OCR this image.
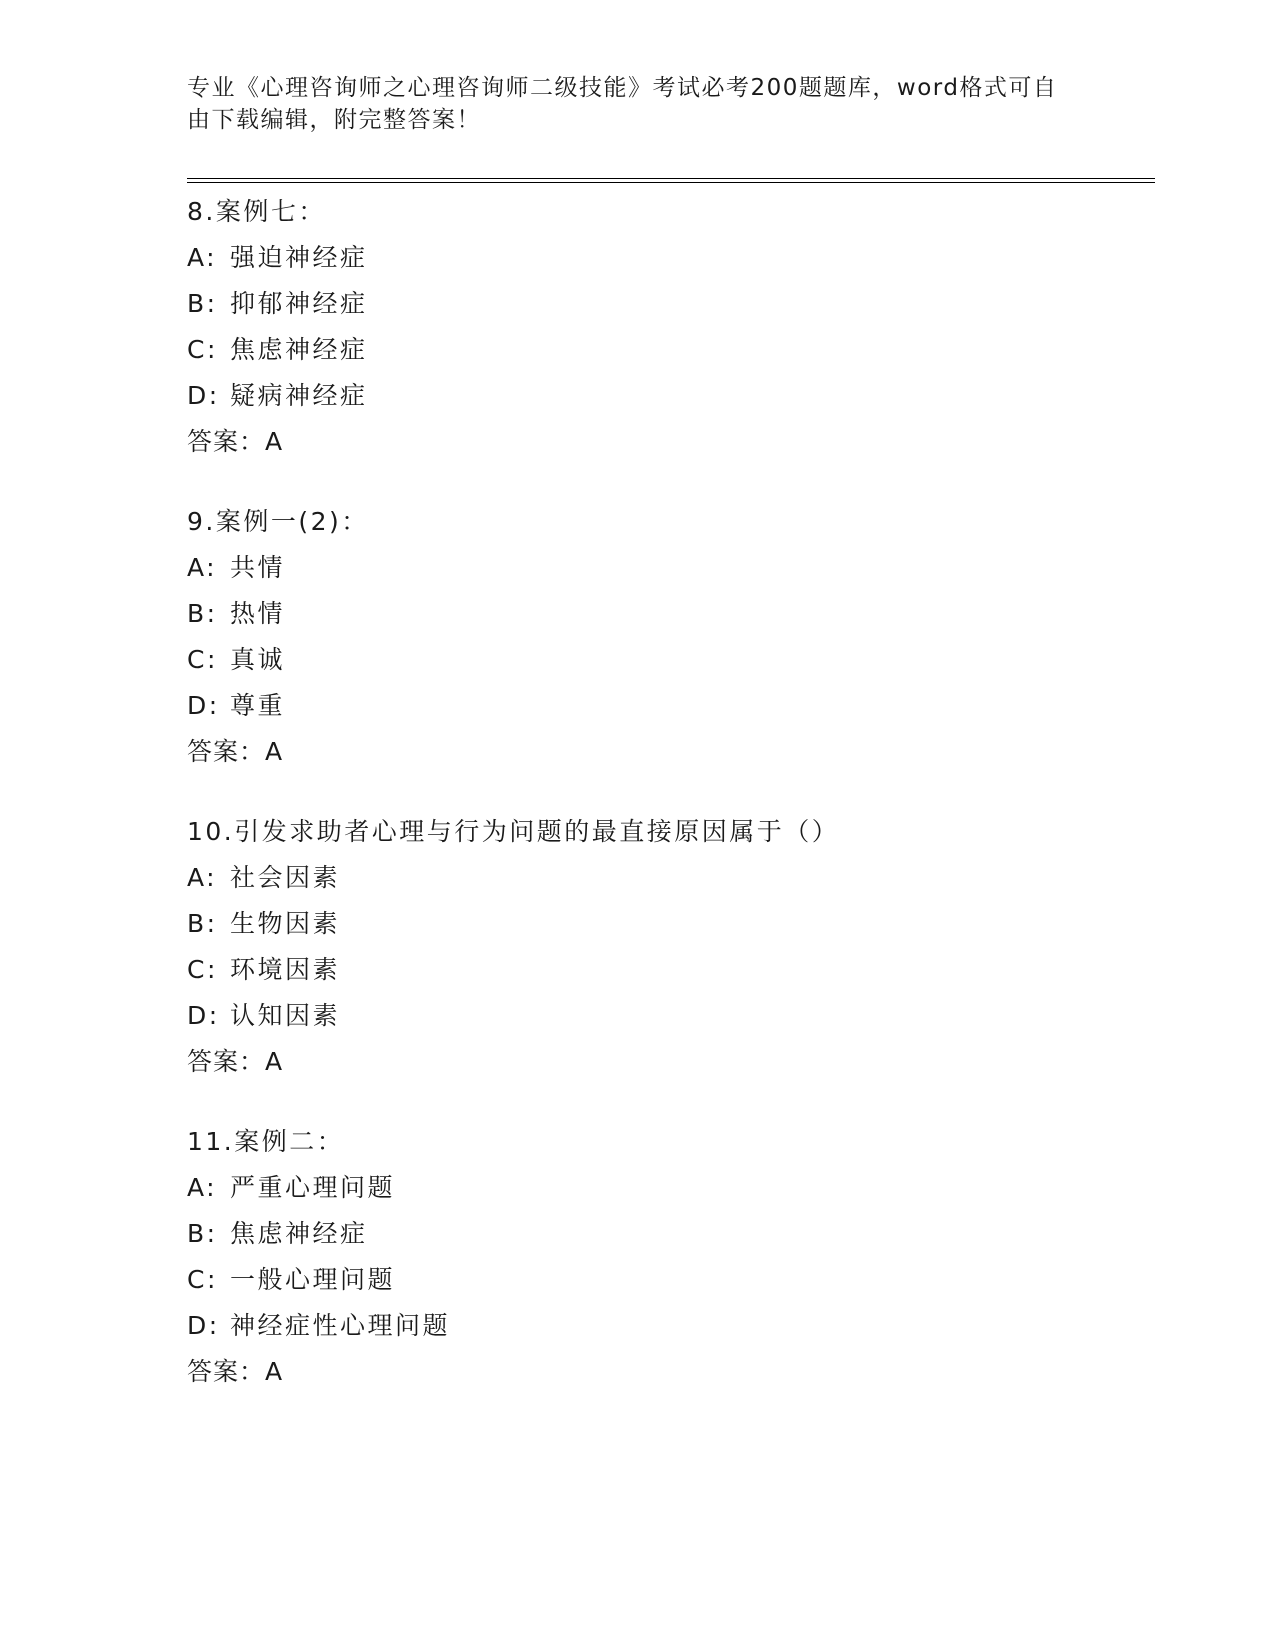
专业《心理咨询师之心理咨询师二级技能》考试必考200题题库，word格式可自由下载编辑，附完整答案！

8.案例七：
A: 强迫神经症
B: 抑郁神经症
C: 焦虑神经症
D: 疑病神经症
答案：A
9.案例一(2)：
A: 共情
B: 热情
C: 真诚
D: 尊重
答案：A
10.引发求助者心理与行为问题的最直接原因属于（）
A: 社会因素
B: 生物因素
C: 环境因素
D: 认知因素
答案：A
11.案例二：
A: 严重心理问题
B: 焦虑神经症
C: 一般心理问题
D: 神经症性心理问题
答案：A
